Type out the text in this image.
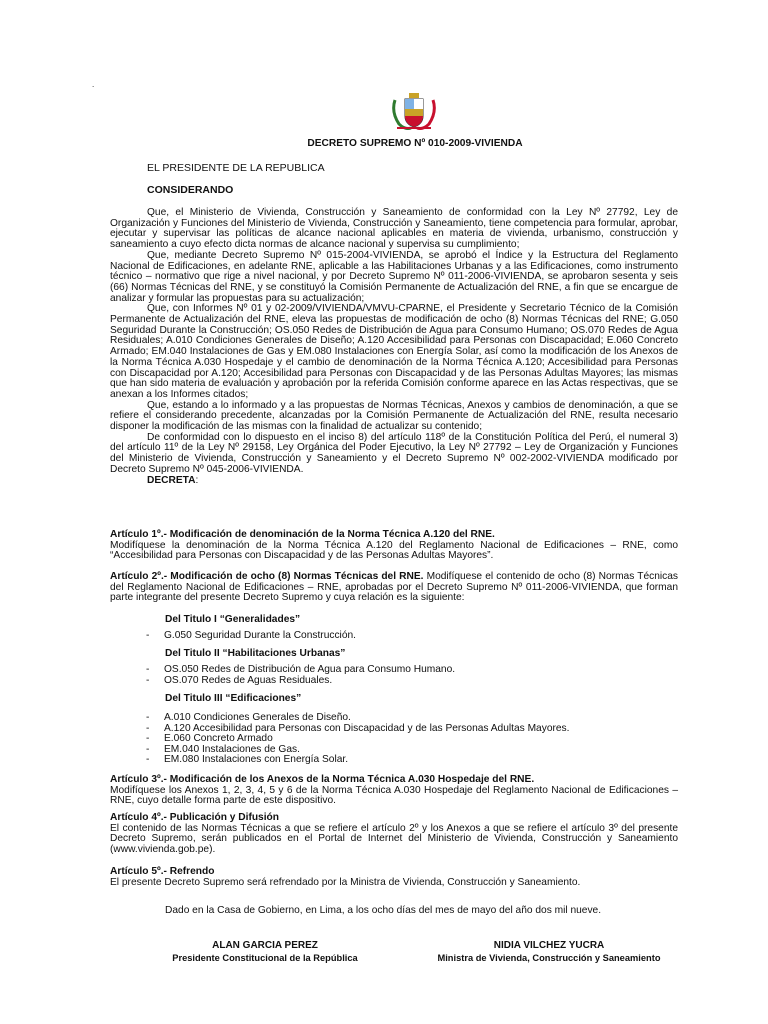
.
DECRETO SUPREMO Nº 010-2009-VIVIENDA
EL PRESIDENTE DE LA REPUBLICA
CONSIDERANDO

Que, el Ministerio de Vivienda, Construcción y Saneamiento de conformidad con la Ley Nº 27792, Ley de Organización y Funciones del Ministerio de Vivienda, Construcción y Saneamiento, tiene competencia para formular, aprobar, ejecutar y supervisar las políticas de alcance nacional aplicables en materia de vivienda, urbanismo, construcción y saneamiento a cuyo efecto dicta normas de alcance nacional y supervisa su cumplimiento;

Que, mediante Decreto Supremo Nº 015-2004-VIVIENDA, se aprobó el Índice y la Estructura del Reglamento Nacional de Edificaciones, en adelante RNE, aplicable a las Habilitaciones Urbanas y a las Edificaciones, como instrumento técnico – normativo que rige a nivel nacional, y por Decreto Supremo Nº 011-2006-VIVIENDA, se aprobaron sesenta y seis (66) Normas Técnicas del RNE, y se constituyó la Comisión Permanente de Actualización del RNE, a fin que se encargue de analizar y formular las propuestas para su actualización;

Que, con Informes Nº 01 y 02-2009/VIVIENDA/VMVU-CPARNE, el Presidente y Secretario Técnico de la Comisión Permanente de Actualización del RNE, eleva las propuestas de modificación de ocho (8) Normas Técnicas del RNE; G.050 Seguridad Durante la Construcción; OS.050 Redes de Distribución de Agua para Consumo Humano; OS.070 Redes de Agua Residuales; A.010 Condiciones Generales de Diseño; A.120 Accesibilidad para Personas con Discapacidad; E.060 Concreto Armado; EM.040 Instalaciones de Gas y EM.080 Instalaciones con Energía Solar, así como la modificación de los Anexos de la Norma Técnica A.030 Hospedaje y el cambio de denominación de la Norma Técnica A.120; Accesibilidad para Personas con Discapacidad por A.120; Accesibilidad para Personas con Discapacidad y de las Personas Adultas Mayores; las mismas que han sido materia de evaluación y aprobación por la referida Comisión conforme aparece en las Actas respectivas, que se anexan a los Informes citados;

Que, estando a lo informado y a las propuestas de Normas Técnicas, Anexos y cambios de denominación, a que se refiere el considerando precedente, alcanzadas por la Comisión Permanente de Actualización del RNE, resulta necesario disponer la modificación de las mismas con la finalidad de actualizar su contenido;

De conformidad con lo dispuesto en el inciso 8) del artículo 118º de la Constitución Política del Perú, el numeral 3) del artículo 11º de la Ley Nº 29158, Ley Orgánica del Poder Ejecutivo, la Ley Nº 27792 – Ley de Organización y Funciones del Ministerio de Vivienda, Construcción y Saneamiento y el Decreto Supremo Nº 002-2002-VIVIENDA modificado por Decreto Supremo Nº 045-2006-VIVIENDA.

DECRETA:

Artículo 1º.- Modificación de denominación de la Norma Técnica A.120 del RNE.
Modifíquese la denominación de la Norma Técnica A.120 del Reglamento Nacional de Edificaciones – RNE, como “Accesibilidad para Personas con Discapacidad y de las Personas Adultas Mayores”.
Artículo 2º.- Modificación de ocho (8) Normas Técnicas del RNE. Modifíquese el contenido de ocho (8) Normas Técnicas del Reglamento Nacional de Edificaciones – RNE, aprobadas por el Decreto Supremo Nº 011-2006-VIVIENDA, que forman parte integrante del presente Decreto Supremo y cuya relación es la siguiente:
Del Titulo I “Generalidades”
- G.050 Seguridad Durante la Construcción.
Del Titulo II “Habilitaciones Urbanas”
- OS.050 Redes de Distribución de Agua para Consumo Humano.
- OS.070 Redes de Aguas Residuales.
Del Titulo III “Edificaciones”
- A.010 Condiciones Generales de Diseño.
- A.120 Accesibilidad para Personas con Discapacidad y de las Personas Adultas Mayores.
- E.060 Concreto Armado
- EM.040 Instalaciones de Gas.
- EM.080 Instalaciones con Energía Solar.
Artículo 3º.- Modificación de los Anexos de la Norma Técnica A.030 Hospedaje del RNE.
Modifíquese los Anexos 1, 2, 3, 4, 5 y 6 de la Norma Técnica A.030 Hospedaje del Reglamento Nacional de Edificaciones – RNE, cuyo detalle forma parte de este dispositivo.
Artículo 4º.- Publicación y Difusión
El contenido de las Normas Técnicas a que se refiere el artículo 2º y los Anexos a que se refiere el artículo 3º del presente Decreto Supremo, serán publicados en el Portal de Internet del Ministerio de Vivienda, Construcción y Saneamiento (www.vivienda.gob.pe).
Artículo 5º.- Refrendo
El presente Decreto Supremo será refrendado por la Ministra de Vivienda, Construcción y Saneamiento.
Dado en la Casa de Gobierno, en Lima, a los ocho días del mes de mayo del año dos mil nueve.
ALAN GARCIA PEREZ
Presidente Constitucional de la República
NIDIA VILCHEZ YUCRA
Ministra de Vivienda, Construcción y Saneamiento
